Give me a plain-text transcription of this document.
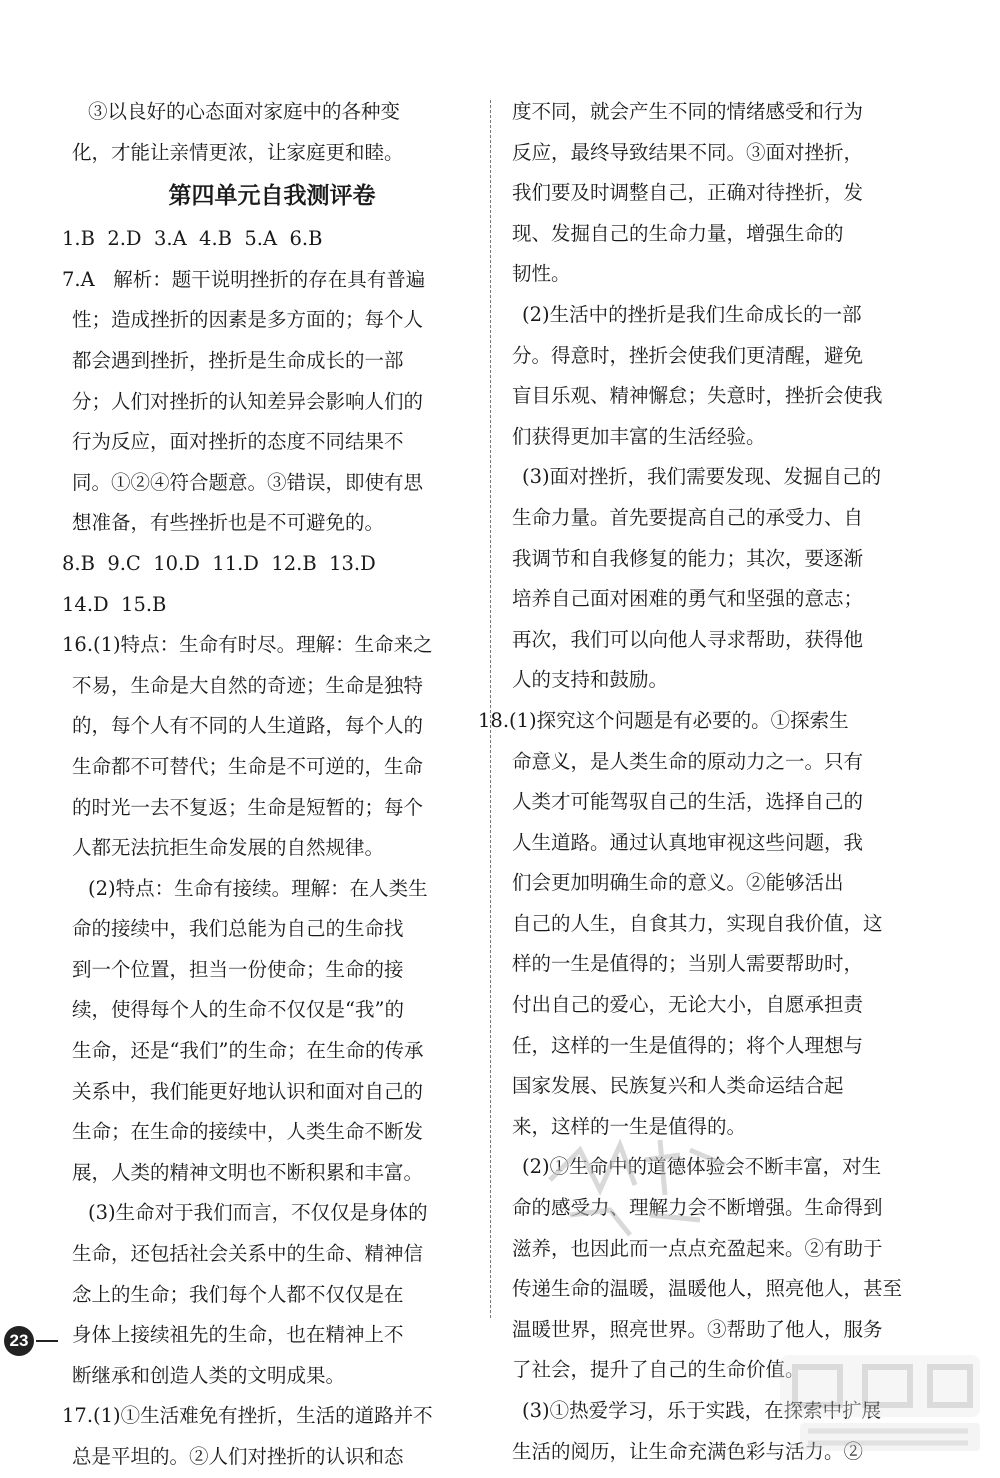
③以良好的心态面对家庭中的各种变
化，才能让亲情更浓，让家庭更和睦。
第四单元自我测评卷
1.B  2.D  3.A  4.B  5.A  6.B
7.A   解析：题干说明挫折的存在具有普遍
性；造成挫折的因素是多方面的；每个人
都会遇到挫折，挫折是生命成长的一部
分；人们对挫折的认知差异会影响人们的
行为反应，面对挫折的态度不同结果不
同。①②④符合题意。③错误，即使有思
想准备，有些挫折也是不可避免的。
8.B  9.C  10.D  11.D  12.B  13.D
14.D  15.B
16.(1)特点：生命有时尽。理解：生命来之
不易，生命是大自然的奇迹；生命是独特
的，每个人有不同的人生道路，每个人的
生命都不可替代；生命是不可逆的，生命
的时光一去不复返；生命是短暂的；每个
人都无法抗拒生命发展的自然规律。
(2)特点：生命有接续。理解：在人类生
命的接续中，我们总能为自己的生命找
到一个位置，担当一份使命；生命的接
续，使得每个人的生命不仅仅是“我”的
生命，还是“我们”的生命；在生命的传承
关系中，我们能更好地认识和面对自己的
生命；在生命的接续中，人类生命不断发
展，人类的精神文明也不断积累和丰富。
(3)生命对于我们而言，不仅仅是身体的
生命，还包括社会关系中的生命、精神信
念上的生命；我们每个人都不仅仅是在
身体上接续祖先的生命，也在精神上不
断继承和创造人类的文明成果。
17.(1)①生活难免有挫折，生活的道路并不
总是平坦的。②人们对挫折的认识和态
度不同，就会产生不同的情绪感受和行为
反应，最终导致结果不同。③面对挫折，
我们要及时调整自己，正确对待挫折，发
现、发掘自己的生命力量，增强生命的
韧性。
(2)生活中的挫折是我们生命成长的一部
分。得意时，挫折会使我们更清醒，避免
盲目乐观、精神懈怠；失意时，挫折会使我
们获得更加丰富的生活经验。
(3)面对挫折，我们需要发现、发掘自己的
生命力量。首先要提高自己的承受力、自
我调节和自我修复的能力；其次，要逐渐
培养自己面对困难的勇气和坚强的意志；
再次，我们可以向他人寻求帮助，获得他
人的支持和鼓励。
18.(1)探究这个问题是有必要的。①探索生
命意义，是人类生命的原动力之一。只有
人类才可能驾驭自己的生活，选择自己的
人生道路。通过认真地审视这些问题，我
们会更加明确生命的意义。②能够活出
自己的人生，自食其力，实现自我价值，这
样的一生是值得的；当别人需要帮助时，
付出自己的爱心，无论大小，自愿承担责
任，这样的一生是值得的；将个人理想与
国家发展、民族复兴和人类命运结合起
来，这样的一生是值得的。
(2)①生命中的道德体验会不断丰富，对生
命的感受力、理解力会不断增强。生命得到
滋养，也因此而一点点充盈起来。②有助于
传递生命的温暖，温暖他人，照亮他人，甚至
温暖世界，照亮世界。③帮助了他人，服务
了社会，提升了自己的生命价值。
(3)①热爱学习，乐于实践，在探索中扩展
生活的阅历，让生命充满色彩与活力。②
23
